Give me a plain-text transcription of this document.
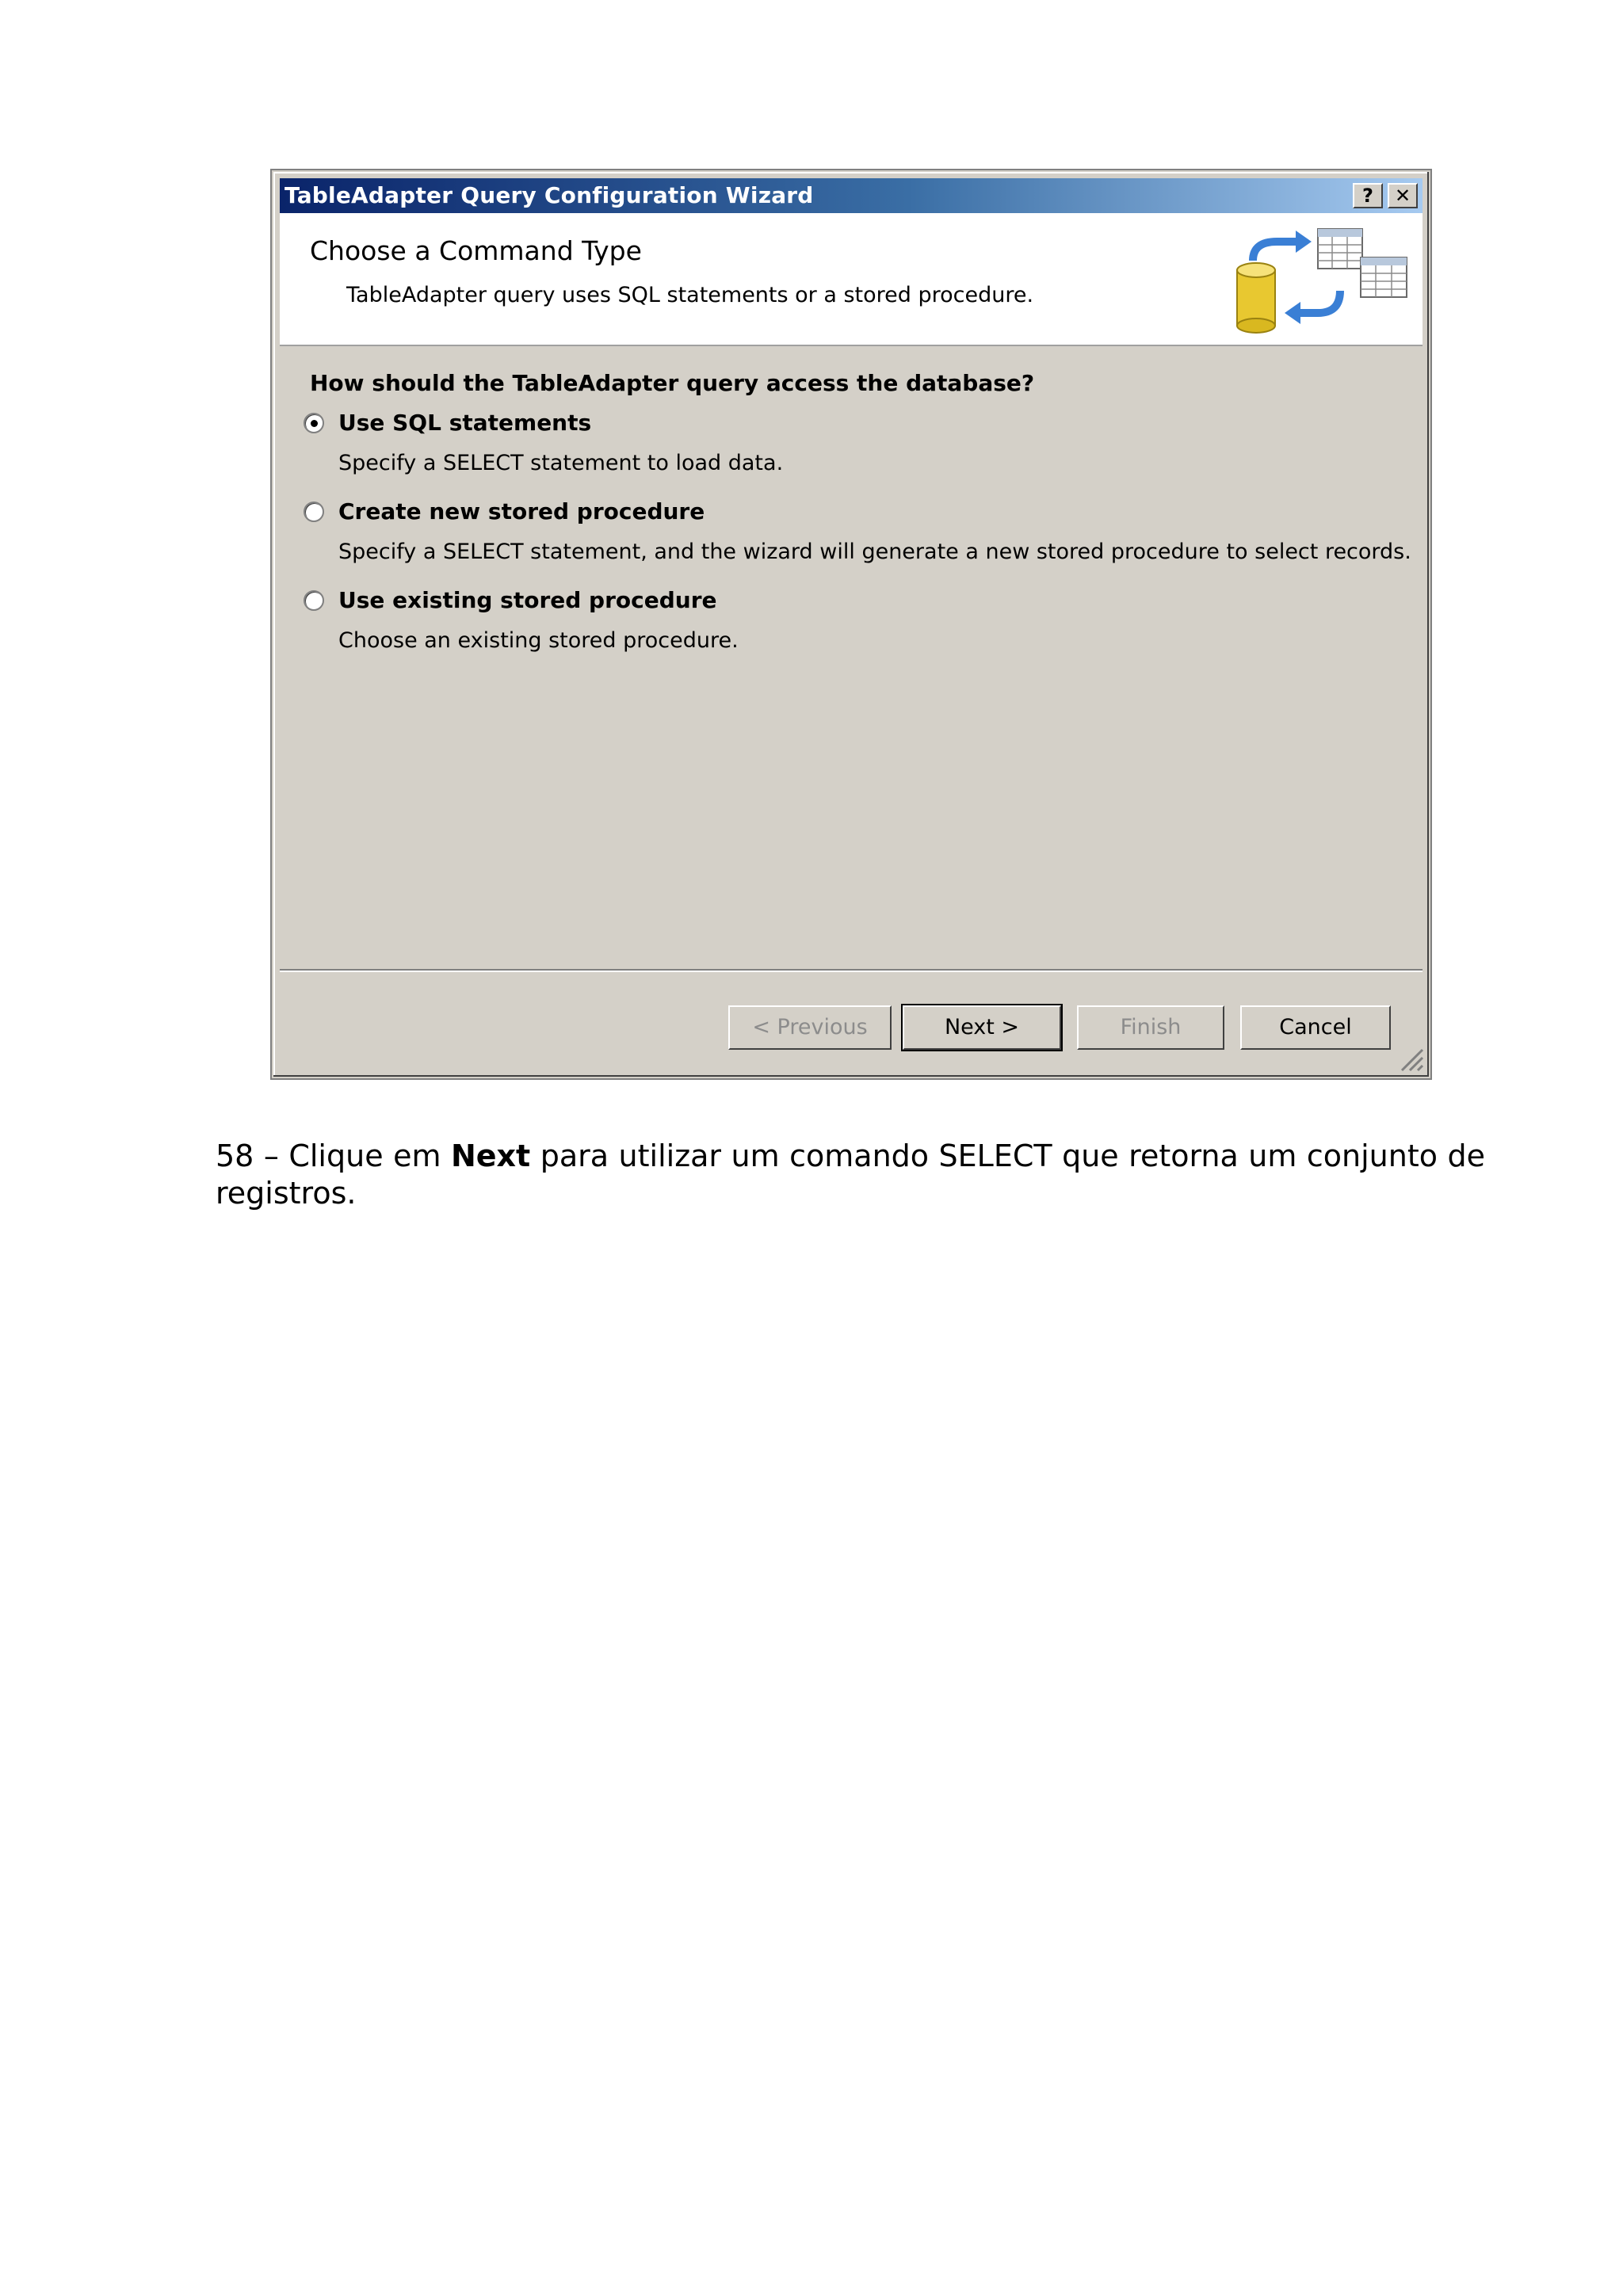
TableAdapter Query Configuration Wizard	?	✕
Choose a Command Type
TableAdapter query uses SQL statements or a stored procedure.
How should the TableAdapter query access the database?
Use SQL statements
Specify a SELECT statement to load data.
Create new stored procedure
Specify a SELECT statement, and the wizard will generate a new stored procedure to select records.
Use existing stored procedure
Choose an existing stored procedure.
< Previous	Next >	Finish	Cancel

58 – Clique em Next para utilizar um comando SELECT que retorna um conjunto de registros.
